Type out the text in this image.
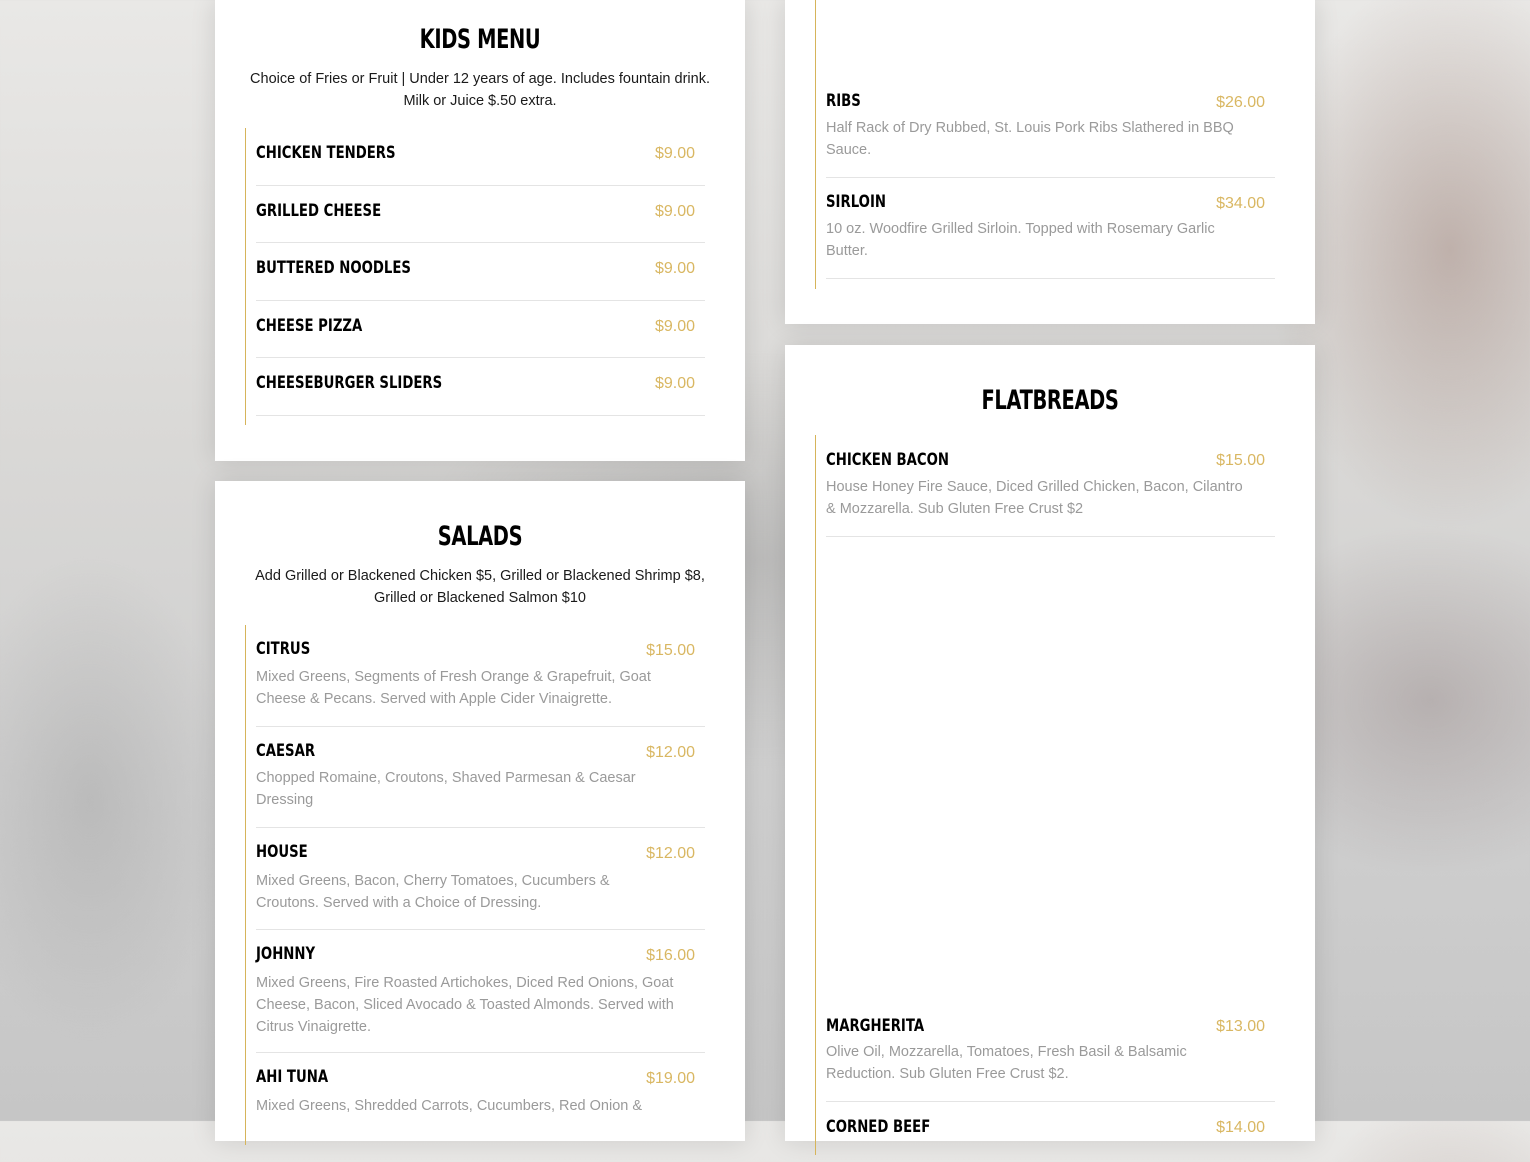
KIDS MENU

Choice of Fries or Fruit | Under 12 years of age. Includes fountain drink. Milk or Juice $.50 extra.

CHICKEN TENDERS	$9.00
GRILLED CHEESE	$9.00
BUTTERED NOODLES	$9.00
CHEESE PIZZA	$9.00
CHEESEBURGER SLIDERS	$9.00
SALADS

Add Grilled or Blackened Chicken $5, Grilled or Blackened Shrimp $8, Grilled or Blackened Salmon $10

CITRUS	$15.00
Mixed Greens, Segments of Fresh Orange & Grapefruit, Goat Cheese & Pecans. Served with Apple Cider Vinaigrette.
CAESAR	$12.00
Chopped Romaine, Croutons, Shaved Parmesan & Caesar Dressing
HOUSE	$12.00
Mixed Greens, Bacon, Cherry Tomatoes, Cucumbers & Croutons. Served with a Choice of Dressing.
JOHNNY	$16.00
Mixed Greens, Fire Roasted Artichokes, Diced Red Onions, Goat Cheese, Bacon, Sliced Avocado & Toasted Almonds. Served with Citrus Vinaigrette.
AHI TUNA	$19.00
Mixed Greens, Shredded Carrots, Cucumbers, Red Onion &
RIBS	$26.00
Half Rack of Dry Rubbed, St. Louis Pork Ribs Slathered in BBQ Sauce.
SIRLOIN	$34.00
10 oz. Woodfire Grilled Sirloin. Topped with Rosemary Garlic Butter.
FLATBREADS
CHICKEN BACON	$15.00
House Honey Fire Sauce, Diced Grilled Chicken, Bacon, Cilantro & Mozzarella. Sub Gluten Free Crust $2
MARGHERITA	$13.00
Olive Oil, Mozzarella, Tomatoes, Fresh Basil & Balsamic Reduction. Sub Gluten Free Crust $2.
CORNED BEEF	$14.00
